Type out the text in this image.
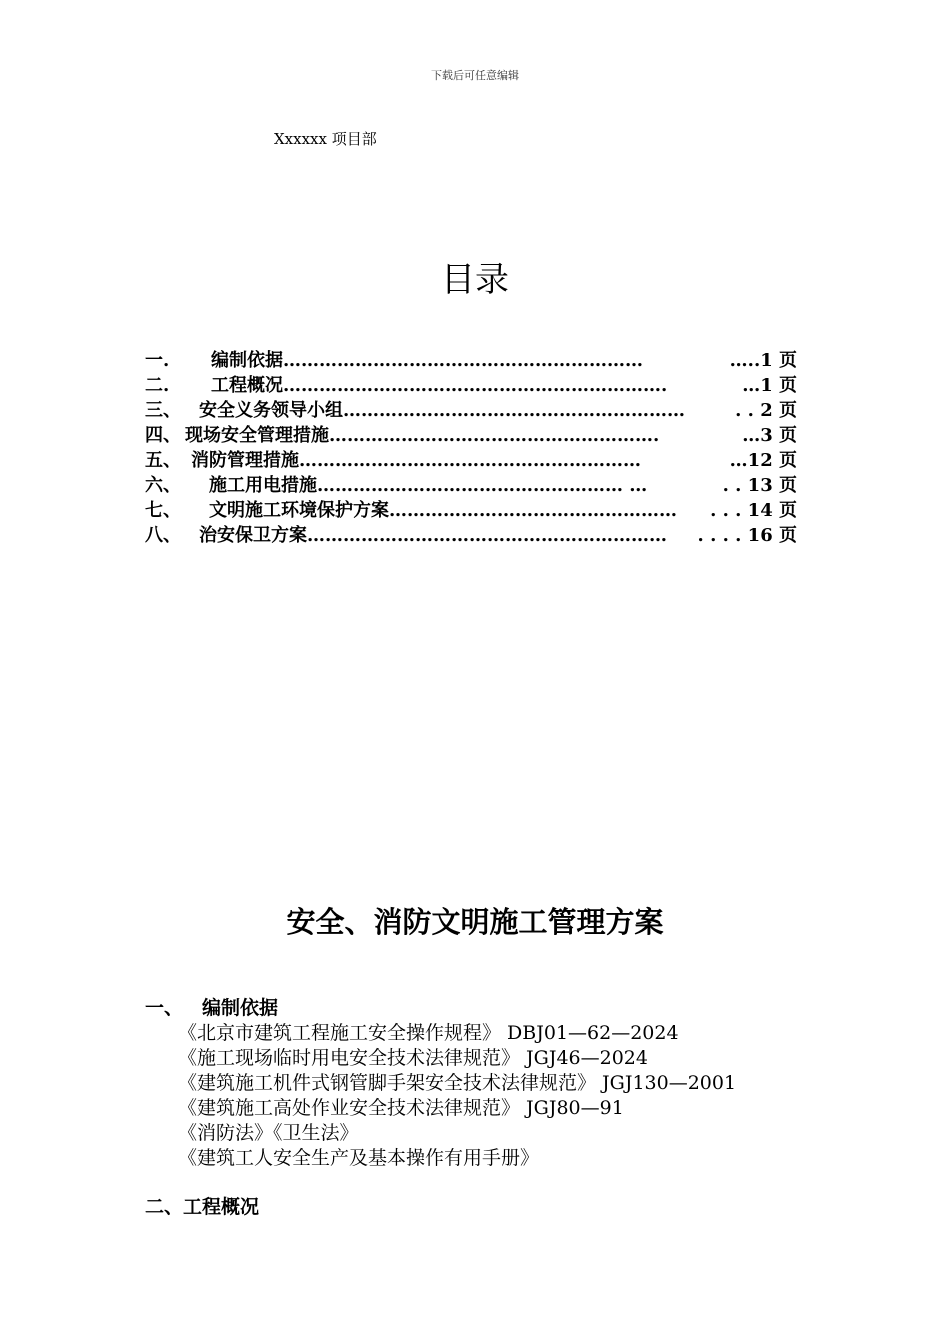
下载后可任意编辑
Xxxxxx 项目部
目录
一.	编制依据 ……………………………………………………	…..1 页
二.	工程概况 ……………………………………………………….	…1 页
三、	安全义务领导小组 …………………………………………………	. . 2 页
四、 现场安全管理措施 ……………………………………………….	…3 页
五、 消防管理措施 …………………………………………………	…12 页
六、	施工用电措施 …………………………………………… …	. . 13 页
七、	文明施工环境保护方案 …………………………………………	. . . 14 页
八、	治安保卫方案 ……………………………………………………	. . . . 16 页
安全、消防文明施工管理方案
一、 编制依据
《北京市建筑工程施工安全操作规程》 DBJ01—62—2024
《施工现场临时用电安全技术法律规范》 JGJ46—2024
《建筑施工机件式钢管脚手架安全技术法律规范》 JGJ130—2001
《建筑施工高处作业安全技术法律规范》 JGJ80—91
《消防法》《卫生法》
《建筑工人安全生产及基本操作有用手册》
二、工程概况
